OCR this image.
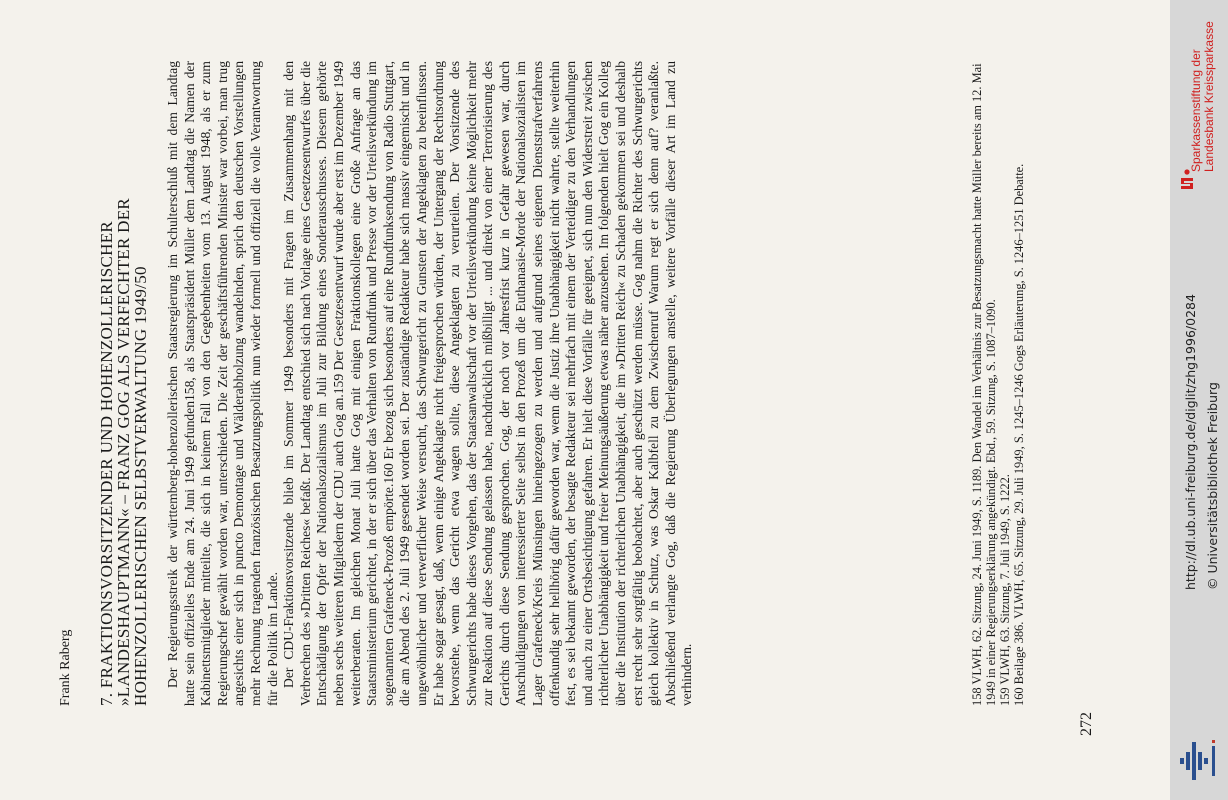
Frank Raberg 7. FRAKTIONSVORSITZENDER UND HOHENZOLLERISCHER
»LANDESHAUPTMANN« – FRANZ GOG ALS VERFECHTER DER
HOHENZOLLERISCHEN SELBSTVERWALTUNG 1949/50 Der Regierungsstreik der württemberg-hohenzollerischen Staatsregierung im Schulterschluß mit dem Landtag hatte sein offizielles Ende am 24. Juni 1949 gefunden158, als Staatspräsident Müller dem Landtag die Namen der Kabinettsmitglieder mitteilte, die sich in keinem Fall von den Gegebenheiten vom 13. August 1948, als er zum Regierungschef gewählt worden war, unterschieden. Die Zeit der geschäftsführenden Minister war vorbei, man trug angesichts einer sich in puncto Demontage und Wälderabholzung wandelnden, sprich den deutschen Vorstellungen mehr Rechnung tragenden französischen Besatzungspolitik nun wieder formell und offiziell die volle Verantwortung für die Politik im Lande. Der CDU-Fraktionsvorsitzende blieb im Sommer 1949 besonders mit Fragen im Zusammenhang mit den Verbrechen des »Dritten Reiches« befaßt. Der Landtag entschied sich nach Vorlage eines Gesetzesentwurfes über die Entschädigung der Opfer der Nationalsozialismus im Juli zur Bildung eines Sonderausschusses. Diesem gehörte neben sechs weiteren Mitgliedern der CDU auch Gog an.159 Der Gesetzesentwurf wurde aber erst im Dezember 1949 weiterberaten. Im gleichen Monat Juli hatte Gog mit einigen Fraktionskollegen eine Große Anfrage an das Staatsministerium gerichtet, in der er sich über das Verhalten von Rundfunk und Presse vor der Urteilsverkündung im sogenannten Grafeneck-Prozeß empörte.160 Er bezog sich besonders auf eine Rundfunksendung von Radio Stuttgart, die am Abend des 2. Juli 1949 gesendet worden sei. Der zuständige Redakteur habe sich massiv eingemischt und in ungewöhnlicher und verwerflicher Weise versucht, das Schwurgericht zu Gunsten der Angeklagten zu beeinflussen. Er habe sogar gesagt, daß, wenn einige Angeklagte nicht freigesprochen würden, der Untergang der Rechtsordnung bevorstehe, wenn das Gericht etwa wagen sollte, diese Angeklagten zu verurteilen. Der Vorsitzende des Schwurgerichts habe dieses Vorgehen, das der Staatsanwaltschaft vor der Urteilsverkündung keine Möglichkeit mehr zur Reaktion auf diese Sendung gelassen habe, nachdrücklich mißbilligt ... und direkt von einer Terrorisierung des Gerichts durch diese Sendung gesprochen. Gog, der noch vor Jahresfrist kurz in Gefahr gewesen war, durch Anschuldigungen von interessierter Seite selbst in den Prozeß um die Euthanasie-Morde der Nationalsozialisten im Lager Grafeneck/Kreis Münsingen hineingezogen zu werden und aufgrund seines eigenen Dienststrafverfahrens offenkundig sehr hellhörig dafür geworden war, wenn die Justiz ihre Unabhängigkeit nicht wahrte, stellte weiterhin fest, es sei bekannt geworden, der besagte Redakteur sei mehrfach mit einem der Verteidiger zu den Verhandlungen und auch zu einer Ortsbesichtigung gefahren. Er hielt diese Vorfälle für geeignet, sich nun den Widerstreit zwischen richterlicher Unabhängigkeit und freier Meinungsäußerung etwas näher anzusehen. Im folgenden hielt Gog ein Kolleg über die Institution der richterlichen Unabhängigkeit, die im »Dritten Reich« zu Schaden gekommen sei und deshalb erst recht sehr sorgfältig beobachtet, aber auch geschützt werden müsse. Gog nahm die Richter des Schwurgerichts gleich kollektiv in Schutz, was Oskar Kalbfell zu dem Zwischenruf Warum regt er sich denn auf? veranlaßte. Abschließend verlangte Gog, daß die Regierung Überlegungen anstelle, weitere Vorfälle dieser Art im Land zu verhindern.	158 VLWH, 62. Sitzung, 24. Juni 1949, S. 1189. Den Wandel im Verhältnis zur Besatzungsmacht hatte Müller bereits am 12. Mai 1949 in einer Regierungserklärung angekündigt. Ebd., 59. Sitzung, S. 1087–1090. 159 VLWH, 63. Sitzung, 7. Juli 1949, S. 1222. 160 Beilage 386. VLWH, 65. Sitzung, 29. Juli 1949, S. 1245–1246 Gogs Erläuterung, S. 1246–1251 Debatte.
272
http://dl.ub.uni-freiburg.de/diglit/zhg1996/0284 © Universitätsbibliothek Freiburg
Sparkassenstiftung der Landesbank Kreissparkasse
